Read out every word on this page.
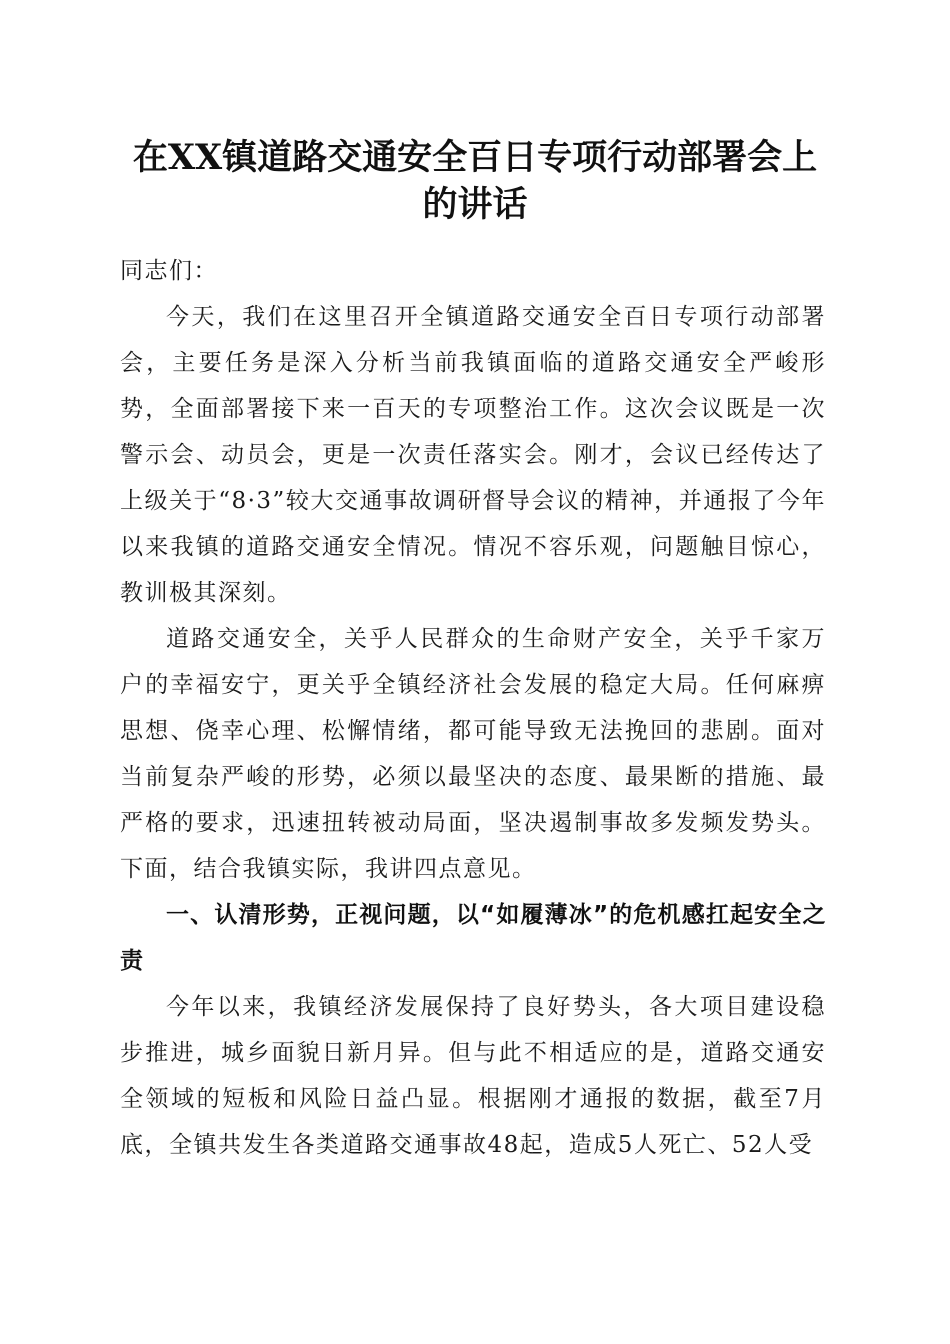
在XX镇道路交通安全百日专项行动部署会上
的讲话

同志们：

今天，我们在这里召开全镇道路交通安全百日专项行动部署会，主要任务是深入分析当前我镇面临的道路交通安全严峻形势，全面部署接下来一百天的专项整治工作。这次会议既是一次警示会、动员会，更是一次责任落实会。刚才，会议已经传达了上级关于“8·3”较大交通事故调研督导会议的精神，并通报了今年以来我镇的道路交通安全情况。情况不容乐观，问题触目惊心，教训极其深刻。

道路交通安全，关乎人民群众的生命财产安全，关乎千家万户的幸福安宁，更关乎全镇经济社会发展的稳定大局。任何麻痹思想、侥幸心理、松懈情绪，都可能导致无法挽回的悲剧。面对当前复杂严峻的形势，必须以最坚决的态度、最果断的措施、最严格的要求，迅速扭转被动局面，坚决遏制事故多发频发势头。下面，结合我镇实际，我讲四点意见。

一、认清形势，正视问题，以“如履薄冰”的危机感扛起安全之责

今年以来，我镇经济发展保持了良好势头，各大项目建设稳步推进，城乡面貌日新月异。但与此不相适应的是，道路交通安全领域的短板和风险日益凸显。根据刚才通报的数据，截至7月底，全镇共发生各类道路交通事故48起，造成5人死亡、52人受
